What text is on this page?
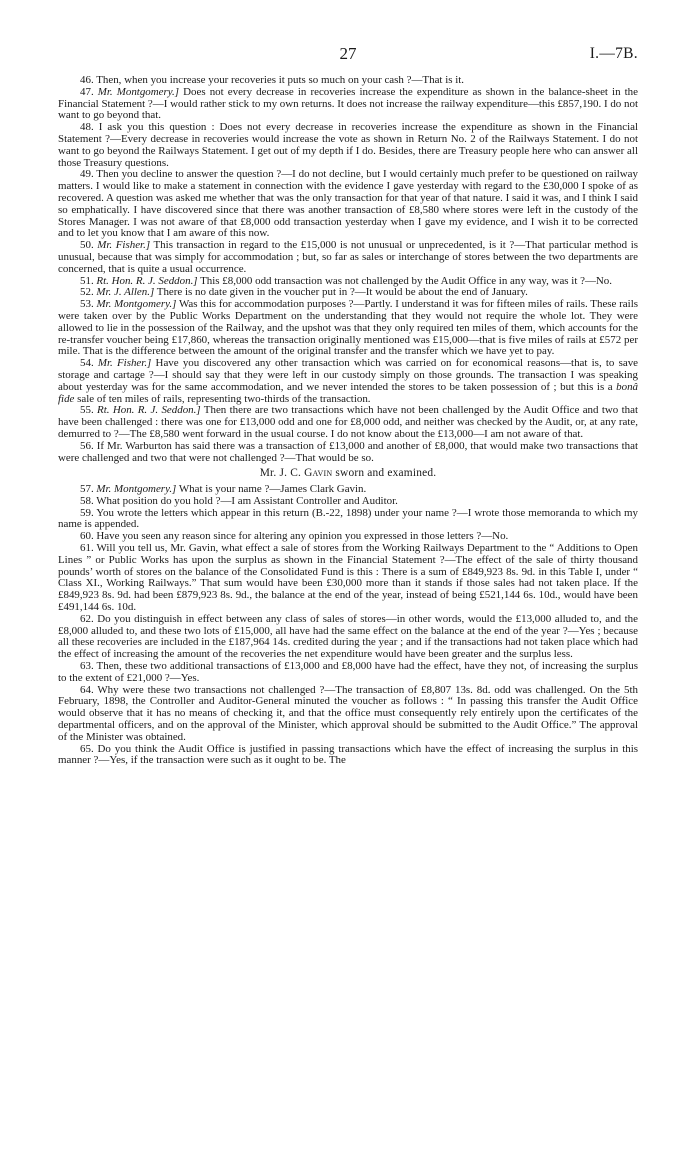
27	I.—7B.

46. Then, when you increase your recoveries it puts so much on your cash ?—That is it.

47. Mr. Montgomery.] Does not every decrease in recoveries increase the expenditure as shown in the balance-sheet in the Financial Statement ?—I would rather stick to my own returns. It does not increase the railway expenditure—this £857,190. I do not want to go beyond that.

48. I ask you this question : Does not every decrease in recoveries increase the expenditure as shown in the Financial Statement ?—Every decrease in recoveries would increase the vote as shown in Return No. 2 of the Railways Statement. I do not want to go beyond the Railways Statement. I get out of my depth if I do. Besides, there are Treasury people here who can answer all those Treasury questions.

49. Then you decline to answer the question ?—I do not decline, but I would certainly much prefer to be questioned on railway matters. I would like to make a statement in connection with the evidence I gave yesterday with regard to the £30,000 I spoke of as recovered. A question was asked me whether that was the only transaction for that year of that nature. I said it was, and I think I said so emphatically. I have discovered since that there was another transaction of £8,580 where stores were left in the custody of the Stores Manager. I was not aware of that £8,000 odd transaction yesterday when I gave my evidence, and I wish it to be corrected and to let you know that I am aware of this now.

50. Mr. Fisher.] This transaction in regard to the £15,000 is not unusual or unprecedented, is it ?—That particular method is unusual, because that was simply for accommodation ; but, so far as sales or interchange of stores between the two departments are concerned, that is quite a usual occurrence.

51. Rt. Hon. R. J. Seddon.] This £8,000 odd transaction was not challenged by the Audit Office in any way, was it ?—No.

52. Mr. J. Allen.] There is no date given in the voucher put in ?—It would be about the end of January.

53. Mr. Montgomery.] Was this for accommodation purposes ?—Partly. I understand it was for fifteen miles of rails. These rails were taken over by the Public Works Department on the understanding that they would not require the whole lot. They were allowed to lie in the possession of the Railway, and the upshot was that they only required ten miles of them, which accounts for the re-transfer voucher being £17,860, whereas the transaction originally mentioned was £15,000—that is five miles of rails at £572 per mile. That is the difference between the amount of the original transfer and the transfer which we have yet to pay.

54. Mr. Fisher.] Have you discovered any other transaction which was carried on for economical reasons—that is, to save storage and cartage ?—I should say that they were left in our custody simply on those grounds. The transaction I was speaking about yesterday was for the same accommodation, and we never intended the stores to be taken possession of ; but this is a bonâ fide sale of ten miles of rails, representing two-thirds of the transaction.

55. Rt. Hon. R. J. Seddon.] Then there are two transactions which have not been challenged by the Audit Office and two that have been challenged : there was one for £13,000 odd and one for £8,000 odd, and neither was checked by the Audit, or, at any rate, demurred to ?—The £8,580 went forward in the usual course. I do not know about the £13,000—I am not aware of that.

56. If Mr. Warburton has said there was a transaction of £13,000 and another of £8,000, that would make two transactions that were challenged and two that were not challenged ?—That would be so.

Mr. J. C. Gavin sworn and examined.

57. Mr. Montgomery.] What is your name ?—James Clark Gavin.

58. What position do you hold ?—I am Assistant Controller and Auditor.

59. You wrote the letters which appear in this return (B.-22, 1898) under your name ?—I wrote those memoranda to which my name is appended.

60. Have you seen any reason since for altering any opinion you expressed in those letters ?—No.

61. Will you tell us, Mr. Gavin, what effect a sale of stores from the Working Railways Department to the “ Additions to Open Lines ” or Public Works has upon the surplus as shown in the Financial Statement ?—The effect of the sale of thirty thousand pounds’ worth of stores on the balance of the Consolidated Fund is this : There is a sum of £849,923 8s. 9d. in this Table I, under “ Class XI., Working Railways.” That sum would have been £30,000 more than it stands if those sales had not taken place. If the £849,923 8s. 9d. had been £879,923 8s. 9d., the balance at the end of the year, instead of being £521,144 6s. 10d., would have been £491,144 6s. 10d.

62. Do you distinguish in effect between any class of sales of stores—in other words, would the £13,000 alluded to, and the £8,000 alluded to, and these two lots of £15,000, all have had the same effect on the balance at the end of the year ?—Yes ; because all these recoveries are included in the £187,964 14s. credited during the year ; and if the transactions had not taken place which had the effect of increasing the amount of the recoveries the net expenditure would have been greater and the surplus less.

63. Then, these two additional transactions of £13,000 and £8,000 have had the effect, have they not, of increasing the surplus to the extent of £21,000 ?—Yes.

64. Why were these two transactions not challenged ?—The transaction of £8,807 13s. 8d. odd was challenged. On the 5th February, 1898, the Controller and Auditor-General minuted the voucher as follows : “ In passing this transfer the Audit Office would observe that it has no means of checking it, and that the office must consequently rely entirely upon the certificates of the departmental officers, and on the approval of the Minister, which approval should be submitted to the Audit Office.” The approval of the Minister was obtained.

65. Do you think the Audit Office is justified in passing transactions which have the effect of increasing the surplus in this manner ?—Yes, if the transaction were such as it ought to be. The
